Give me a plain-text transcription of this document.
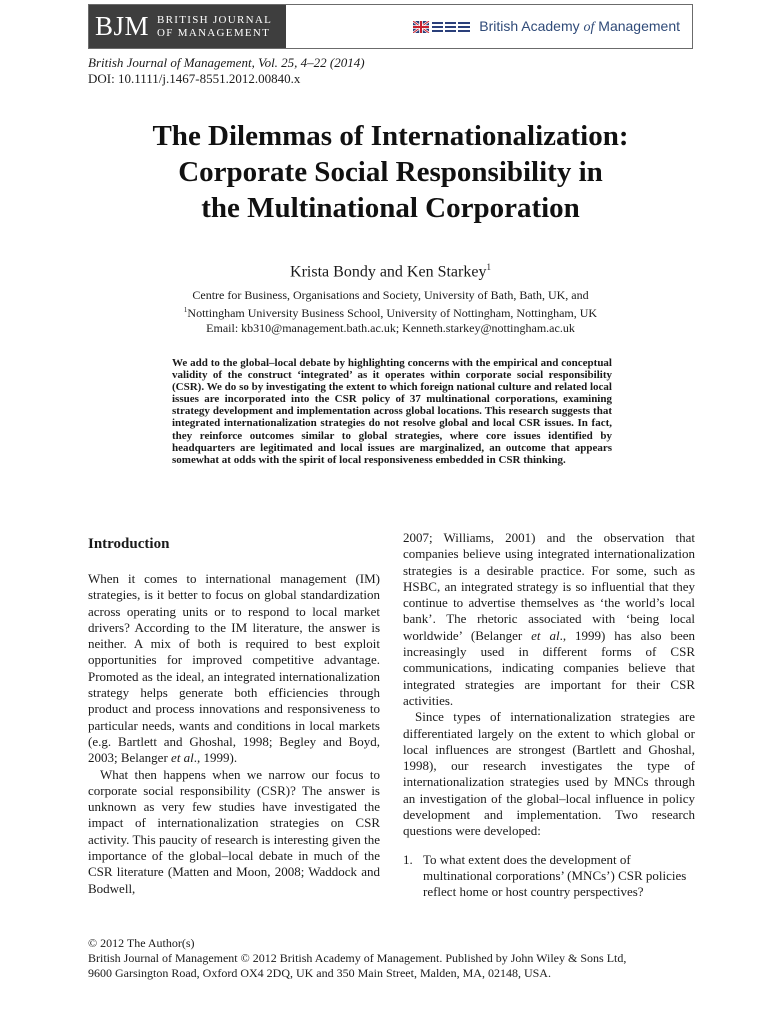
BJM BRITISH JOURNAL
OF MANAGEMENT	British Academy of Management
British Journal of Management, Vol. 25, 4–22 (2014)
DOI: 10.1111/j.1467-8551.2012.00840.x
The Dilemmas of Internationalization:
Corporate Social Responsibility in
the Multinational Corporation
Krista Bondy and Ken Starkey$^1$
Centre for Business, Organisations and Society, University of Bath, Bath, UK, and
$^1$Nottingham University Business School, University of Nottingham, Nottingham, UK
Email: kb310@management.bath.ac.uk; Kenneth.starkey@nottingham.ac.uk

We add to the global–local debate by highlighting concerns with the empirical and conceptual validity of the construct ‘integrated’ as it operates within corporate social responsibility (CSR). We do so by investigating the extent to which foreign national culture and related local issues are incorporated into the CSR policy of 37 multinational corporations, examining strategy development and implementation across global locations. This research suggests that integrated internationalization strategies do not resolve global and local CSR issues. In fact, they reinforce outcomes similar to global strategies, where core issues identified by headquarters are legitimated and local issues are marginalized, an outcome that appears somewhat at odds with the spirit of local responsiveness embedded in CSR thinking.

Introduction

When it comes to international management (IM) strategies, is it better to focus on global standardization across operating units or to respond to local market drivers? According to the IM literature, the answer is neither. A mix of both is required to best exploit opportunities for improved competitive advantage. Promoted as the ideal, an integrated internationalization strategy helps generate both efficiencies through product and process innovations and responsiveness to particular needs, wants and conditions in local markets (e.g. Bartlett and Ghoshal, 1998; Begley and Boyd, 2003; Belanger et al., 1999).

What then happens when we narrow our focus to corporate social responsibility (CSR)? The answer is unknown as very few studies have investigated the impact of internationalization strategies on CSR activity. This paucity of research is interesting given the importance of the global–local debate in much of the CSR literature (Matten and Moon, 2008; Waddock and Bodwell,

2007; Williams, 2001) and the observation that companies believe using integrated internationalization strategies is a desirable practice. For some, such as HSBC, an integrated strategy is so influential that they continue to advertise themselves as ‘the world’s local bank’. The rhetoric associated with ‘being local worldwide’ (Belanger et al., 1999) has also been increasingly used in different forms of CSR communications, indicating companies believe that integrated strategies are important for their CSR activities.

Since types of internationalization strategies are differentiated largely on the extent to which global or local influences are strongest (Bartlett and Ghoshal, 1998), our research investigates the type of internationalization strategies used by MNCs through an investigation of the global–local influence in policy development and implementation. Two research questions were developed:

1. To what extent does the development of multinational corporations’ (MNCs’) CSR policies reflect home or host country perspectives?
© 2012 The Author(s)
British Journal of Management © 2012 British Academy of Management. Published by John Wiley & Sons Ltd,
9600 Garsington Road, Oxford OX4 2DQ, UK and 350 Main Street, Malden, MA, 02148, USA.
